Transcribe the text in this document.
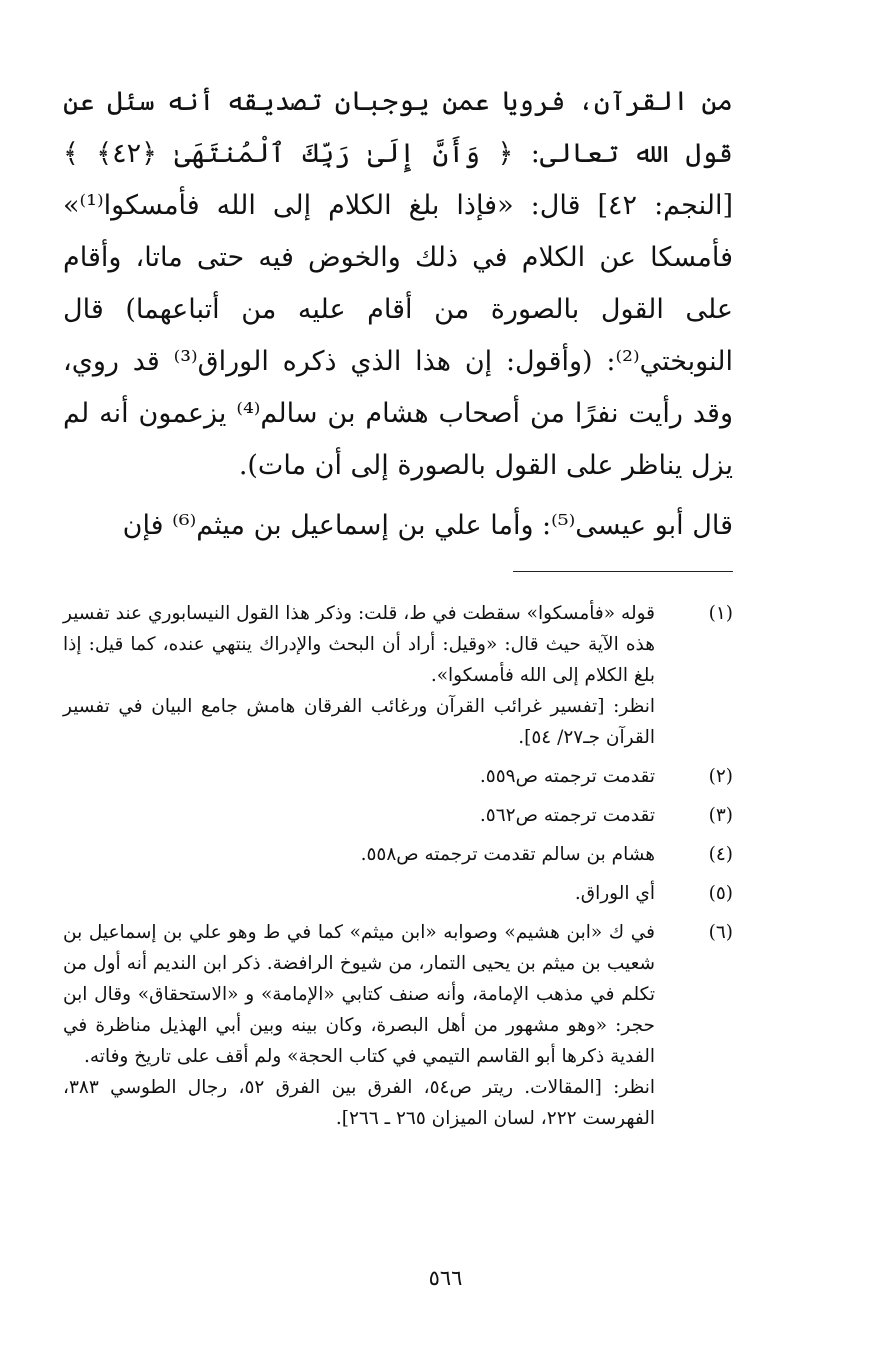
من القرآن، فرويا عمن يوجبان تصديقه أنه سئل عن قول الله تعالى: ﴿ وَأَنَّ إِلَىٰ رَبِّكَ ٱلْمُنتَهَىٰ ﴿٤٢﴾ ﴾ [النجم: ٤٢] قال: «فإذا بلغ الكلام إلى الله فأمسكوا⁽¹⁾» فأمسكا عن الكلام في ذلك والخوض فيه حتى ماتا، وأقام على القول بالصورة من أقام عليه من أتباعهما) قال النوبختي⁽²⁾: (وأقول: إن هذا الذي ذكره الوراق⁽³⁾ قد روي، وقد رأيت نفرًا من أصحاب هشام بن سالم⁽⁴⁾ يزعمون أنه لم يزل يناظر على القول بالصورة إلى أن مات).

قال أبو عيسى⁽⁵⁾: وأما علي بن إسماعيل بن ميثم⁽⁶⁾ فإن

(١)
قوله «فأمسكوا» سقطت في ط، قلت: وذكر هذا القول النيسابوري عند تفسير هذه الآية حيث قال: «وقيل: أراد أن البحث والإدراك ينتهي عنده، كما قيل: إذا بلغ الكلام إلى الله فأمسكوا».
انظر: [تفسير غرائب القرآن ورغائب الفرقان هامش جامع البيان في تفسير القرآن جـ٢٧/ ٥٤].
(٢)
تقدمت ترجمته ص٥٥٩.
(٣)
تقدمت ترجمته ص٥٦٢.
(٤)
هشام بن سالم تقدمت ترجمته ص٥٥٨.
(٥)
أي الوراق.
(٦)
في ك «ابن هشيم» وصوابه «ابن ميثم» كما في ط وهو علي بن إسماعيل بن شعيب بن ميثم بن يحيى التمار، من شيوخ الرافضة. ذكر ابن النديم أنه أول من تكلم في مذهب الإمامة، وأنه صنف كتابي «الإمامة» و «الاستحقاق» وقال ابن حجر: «وهو مشهور من أهل البصرة، وكان بينه وبين أبي الهذيل مناظرة في الفدية ذكرها أبو القاسم التيمي في كتاب الحجة» ولم أقف على تاريخ وفاته.
انظر: [المقالات. ريتر ص٥٤، الفرق بين الفرق ٥٢، رجال الطوسي ٣٨٣، الفهرست ٢٢٢، لسان الميزان ٢٦٥ ـ ٢٦٦].
٥٦٦
